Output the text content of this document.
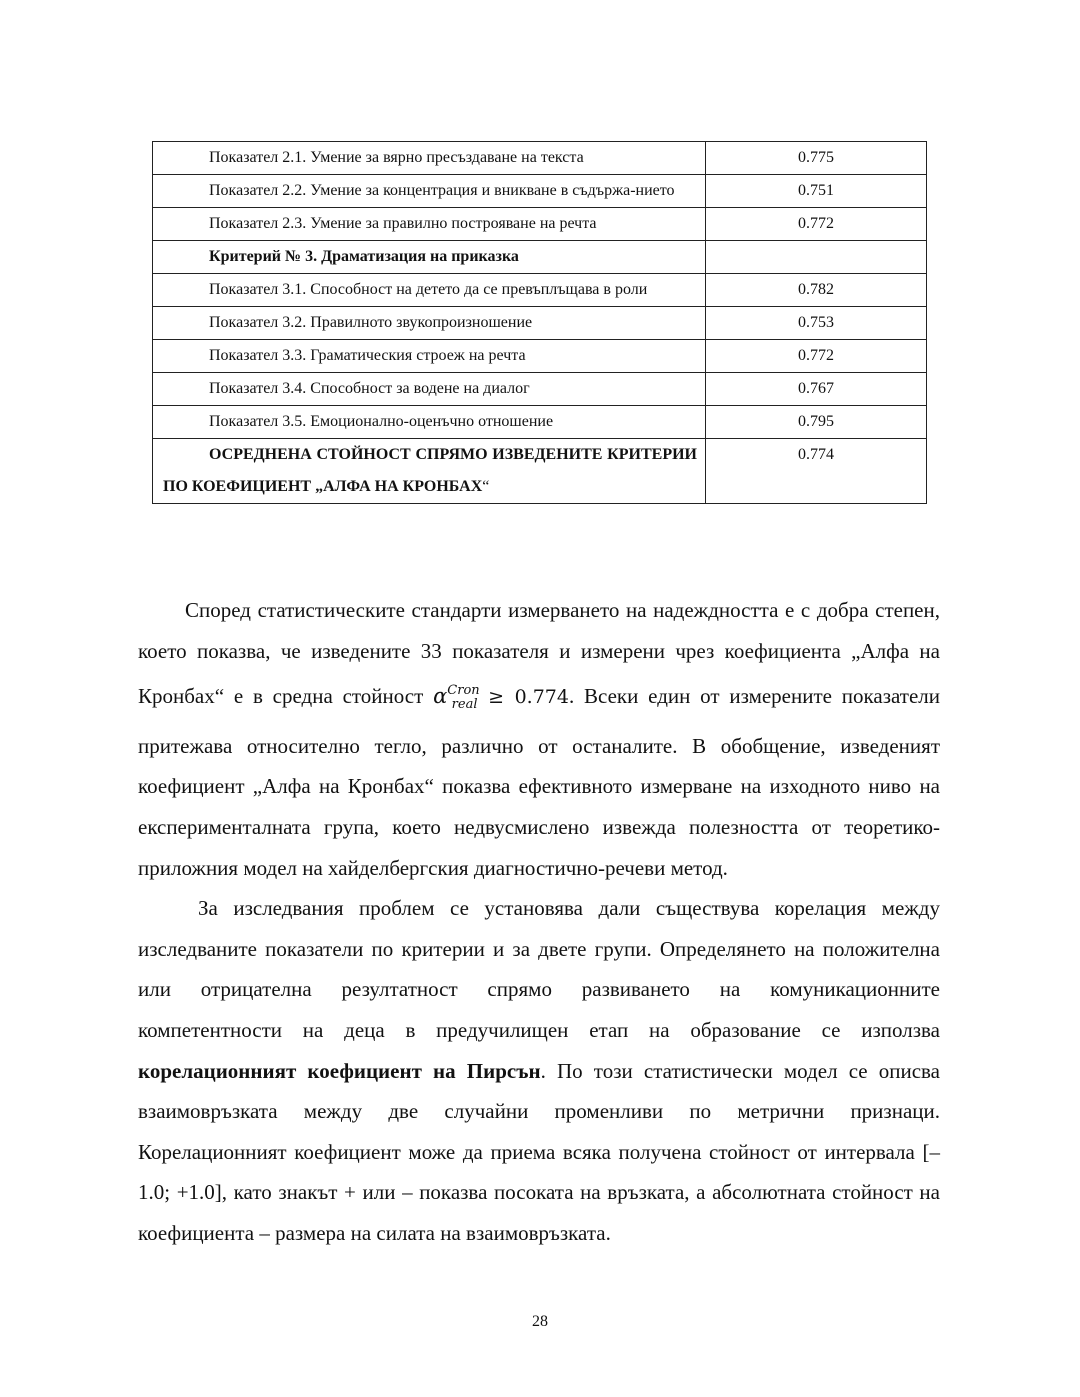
Показател 2.1. Умение за вярно пресъздаване на текста	0.775
Показател 2.2. Умение за концентрация и вникване в съдържа-нието	0.751
Показател 2.3. Умение за правилно построяване на речта	0.772
Критерий № 3. Драматизация на приказка	
Показател 3.1. Способност на детето да се превъплъщава в роли	0.782
Показател 3.2. Правилното звукопроизношение	0.753
Показател 3.3. Граматическия строеж на речта	0.772
Показател 3.4. Способност за водене на диалог	0.767
Показател 3.5. Емоционално-оценъчно отношение	0.795
ОСРЕДНЕНА СТОЙНОСТ СПРЯМО ИЗВЕДЕНИТЕ КРИТЕРИИ ПО КОЕФИЦИЕНТ „АЛФА НА КРОНБАХ“	0.774

Според статистическите стандарти измерването на надеждността е с добра степен, което показва, че изведените 33 показателя и измерени чрез коефициента „Алфа на Кронбах“ е в средна стойност $\alpha^{Cron}_{real} \ge 0.774$. Всеки един от измерените показатели притежава относително тегло, различно от останалите. В обобщение, изведеният коефициент „Алфа на Кронбах“ показва ефективното измерване на изходното ниво на експерименталната група, което недвусмислено извежда полезността от теоретико-приложния модел на хайделбергския диагностично-речеви метод.

За изследвания проблем се установява дали съществува корелация между изследваните показатели по критерии и за двете групи. Определянето на положителна или отрицателна резултатност спрямо развиването на комуникационните компетентности на деца в предучилищен етап на образование се използва корелационният коефициент на Пирсън. По този статистически модел се описва взаимовръзката между две случайни променливи по метрични признаци. Корелационният коефициент може да приема всяка получена стойност от интервала [–1.0; +1.0], като знакът + или – показва посоката на връзката, а абсолютната стойност на коефициента – размера на силата на взаимовръзката.

28
